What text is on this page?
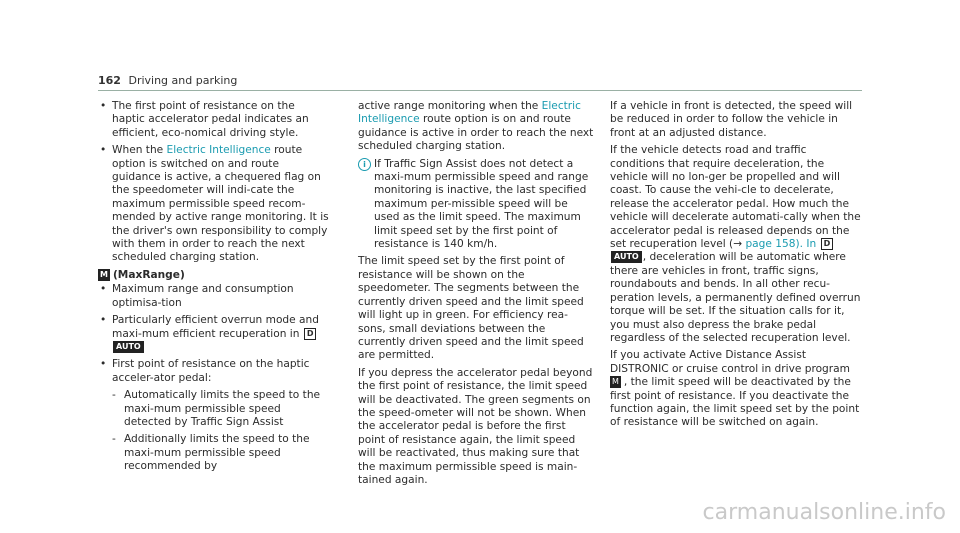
162 Driving and parking
• The first point of resistance on the haptic accelerator pedal indicates an efficient, eco-nomical driving style.
• When the Electric Intelligence route option is switched on and route guidance is active, a chequered flag on the speedometer will indi-cate the maximum permissible speed recom-mended by active range monitoring. It is the driver's own responsibility to comply with them in order to reach the next scheduled charging station.
M (MaxRange)
• Maximum range and consumption optimisa-tion
• Particularly efficient overrun mode and maxi-mum efficient recuperation in DAUTO
• First point of resistance on the haptic acceler-ator pedal:
- Automatically limits the speed to the maxi-mum permissible speed detected by Traffic Sign Assist
- Additionally limits the speed to the maxi-mum permissible speed recommended by

active range monitoring when the Electric Intelligence route option is on and route guidance is active in order to reach the next scheduled charging station.

i If Traffic Sign Assist does not detect a maxi-mum permissible speed and range monitoring is inactive, the last specified maximum per-missible speed will be used as the limit speed. The maximum limit speed set by the first point of resistance is 140 km/h.

The limit speed set by the first point of resistance will be shown on the speedometer. The segments between the currently driven speed and the limit speed will light up in green. For efficiency rea-sons, small deviations between the currently driven speed and the limit speed are permitted.

If you depress the accelerator pedal beyond the first point of resistance, the limit speed will be deactivated. The green segments on the speed-ometer will not be shown. When the accelerator pedal is before the first point of resistance again, the limit speed will be reactivated, thus making sure that the maximum permissible speed is main-tained again.

If a vehicle in front is detected, the speed will be reduced in order to follow the vehicle in front at an adjusted distance.

If the vehicle detects road and traffic conditions that require deceleration, the vehicle will no lon-ger be propelled and will coast. To cause the vehi-cle to decelerate, release the accelerator pedal. How much the vehicle will decelerate automati-cally when the accelerator pedal is released depends on the set recuperation level (→ page 158). In DAUTO , deceleration will be automatic where there are vehicles in front, traffic signs, roundabouts and bends. In all other recu-peration levels, a permanently defined overrun torque will be set. If the situation calls for it, you must also depress the brake pedal regardless of the selected recuperation level.

If you activate Active Distance Assist DISTRONIC or cruise control in drive program M , the limit speed will be deactivated by the first point of resistance. If you deactivate the function again, the limit speed set by the point of resistance will be switched on again.

carmanualsonline.info
